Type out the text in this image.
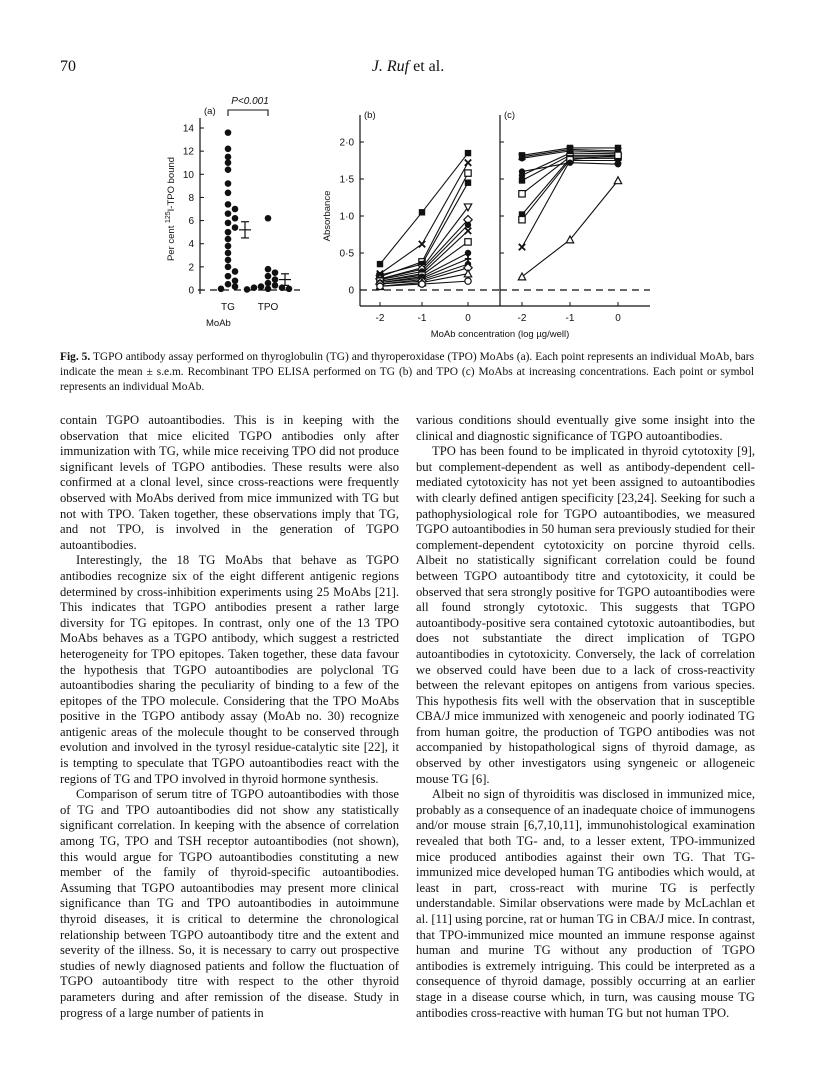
70	J. Ruf et al.
0
2
4
6
8
10
12
14
(a)
P<0.001
Per cent $^{125}$I-TPO bound
TG TPO
MoAb
(b)
0
0·5
1·0
1·5
2·0
Absorbance
-2	-1	0
(c)
-2	-1	0
MoAb concentration (log µg/well)
Fig. 5. TGPO antibody assay performed on thyroglobulin (TG) and thyroperoxidase (TPO) MoAbs (a). Each point represents an individual MoAb, bars indicate the mean ± s.e.m. Recombinant TPO ELISA performed on TG (b) and TPO (c) MoAbs at increasing concentrations. Each point or symbol represents an individual MoAb.

contain TGPO autoantibodies. This is in keeping with the observation that mice elicited TGPO antibodies only after immunization with TG, while mice receiving TPO did not produce significant levels of TGPO antibodies. These results were also confirmed at a clonal level, since cross-reactions were frequently observed with MoAbs derived from mice immunized with TG but not with TPO. Taken together, these observations imply that TG, and not TPO, is involved in the generation of TGPO autoantibodies.

Interestingly, the 18 TG MoAbs that behave as TGPO antibodies recognize six of the eight different antigenic regions determined by cross-inhibition experiments using 25 MoAbs [21]. This indicates that TGPO antibodies present a rather large diversity for TG epitopes. In contrast, only one of the 13 TPO MoAbs behaves as a TGPO antibody, which suggest a restricted heterogeneity for TPO epitopes. Taken together, these data favour the hypothesis that TGPO autoantibodies are polyclonal TG autoantibodies sharing the peculiarity of binding to a few of the epitopes of the TPO molecule. Considering that the TPO MoAbs positive in the TGPO antibody assay (MoAb no. 30) recognize antigenic areas of the molecule thought to be conserved through evolution and involved in the tyrosyl residue-catalytic site [22], it is tempting to speculate that TGPO autoantibodies react with the regions of TG and TPO involved in thyroid hormone synthesis.

Comparison of serum titre of TGPO autoantibodies with those of TG and TPO autoantibodies did not show any statistically significant correlation. In keeping with the absence of correlation among TG, TPO and TSH receptor autoantibodies (not shown), this would argue for TGPO autoantibodies constituting a new member of the family of thyroid-specific autoantibodies. Assuming that TGPO autoantibodies may present more clinical significance than TG and TPO autoantibodies in autoimmune thyroid diseases, it is critical to determine the chronological relationship between TGPO autoantibody titre and the extent and severity of the illness. So, it is necessary to carry out prospective studies of newly diagnosed patients and follow the fluctuation of TGPO autoantibody titre with respect to the other thyroid parameters during and after remission of the disease. Study in progress of a large number of patients in

various conditions should eventually give some insight into the clinical and diagnostic significance of TGPO autoantibodies.

TPO has been found to be implicated in thyroid cytotoxity [9], but complement-dependent as well as antibody-dependent cell-mediated cytotoxicity has not yet been assigned to autoantibodies with clearly defined antigen specificity [23,24]. Seeking for such a pathophysiological role for TGPO autoantibodies, we measured TGPO autoantibodies in 50 human sera previously studied for their complement-dependent cytotoxicity on porcine thyroid cells. Albeit no statistically significant correlation could be found between TGPO autoantibody titre and cytotoxicity, it could be observed that sera strongly positive for TGPO autoantibodies were all found strongly cytotoxic. This suggests that TGPO autoantibody-positive sera contained cytotoxic autoantibodies, but does not substantiate the direct implication of TGPO autoantibodies in cytotoxicity. Conversely, the lack of correlation we observed could have been due to a lack of cross-reactivity between the relevant epitopes on antigens from various species. This hypothesis fits well with the observation that in susceptible CBA/J mice immunized with xenogeneic and poorly iodinated TG from human goitre, the production of TGPO antibodies was not accompanied by histopathological signs of thyroid damage, as observed by other investigators using syngeneic or allogeneic mouse TG [6].

Albeit no sign of thyroiditis was disclosed in immunized mice, probably as a consequence of an inadequate choice of immunogens and/or mouse strain [6,7,10,11], immunohistological examination revealed that both TG- and, to a lesser extent, TPO-immunized mice produced antibodies against their own TG. That TG-immunized mice developed human TG antibodies which would, at least in part, cross-react with murine TG is perfectly understandable. Similar observations were made by McLachlan et al. [11] using porcine, rat or human TG in CBA/J mice. In contrast, that TPO-immunized mice mounted an immune response against human and murine TG without any production of TGPO antibodies is extremely intriguing. This could be interpreted as a consequence of thyroid damage, possibly occurring at an earlier stage in a disease course which, in turn, was causing mouse TG antibodies cross-reactive with human TG but not human TPO.
